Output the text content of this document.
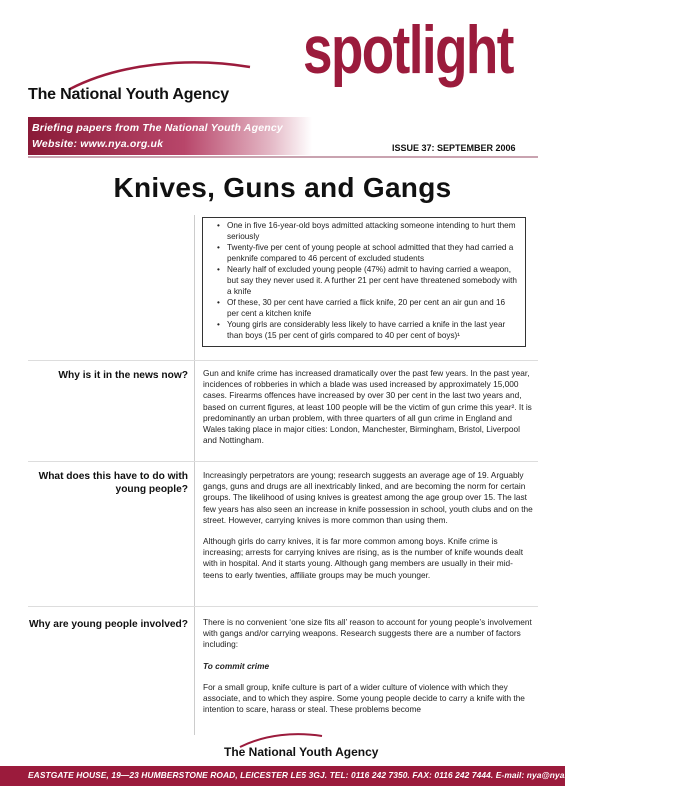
The National Youth Agency
spotlight
Briefing papers from The National Youth Agency
Website: www.nya.org.uk	ISSUE 37: SEPTEMBER 2006
Knives, Guns and Gangs
• One in five 16-year-old boys admitted attacking someone intending to hurt them seriously
• Twenty-five per cent of young people at school admitted that they had carried a penknife compared to 46 percent of excluded students
• Nearly half of excluded young people (47%) admit to having carried a weapon, but say they never used it. A further 21 per cent have threatened somebody with a knife
• Of these, 30 per cent have carried a flick knife, 20 per cent an air gun and 16 per cent a kitchen knife
• Young girls are considerably less likely to have carried a knife in the last year than boys (15 per cent of girls compared to 40 per cent of boys)¹
Why is it in the news now? Gun and knife crime has increased dramatically over the past few years. In the past year, incidences of robberies in which a blade was used increased by approximately 15,000 cases. Firearms offences have increased by over 30 per cent in the last two years and, based on current figures, at least 100 people will be the victim of gun crime this year². It is predominantly an urban problem, with three quarters of all gun crime in England and Wales taking place in major cities: London, Manchester, Birmingham, Bristol, Liverpool and Nottingham.

What does this have to do with young people?

Increasingly perpetrators are young; research suggests an average age of 19. Arguably gangs, guns and drugs are all inextricably linked, and are becoming the norm for certain groups. The likelihood of using knives is greatest among the age group over 15. The last few years has also seen an increase in knife possession in school, youth clubs and on the street. However, carrying knives is more common than using them.

Although girls do carry knives, it is far more common among boys. Knife crime is increasing; arrests for carrying knives are rising, as is the number of knife wounds dealt with in hospital. And it starts young. Although gang members are usually in their mid-teens to early twenties, affiliate groups may be much younger.

Why are young people involved? There is no convenient ‘one size fits all’ reason to account for young people’s involvement with gangs and/or carrying weapons. Research suggests there are a number of factors including:

To commit crime

For a small group, knife culture is part of a wider culture of violence with which they associate, and to which they aspire. Some young people decide to carry a knife with the intention to scare, harass or steal. These problems become

The National Youth Agency
EASTGATE HOUSE, 19—23 HUMBERSTONE ROAD, LEICESTER LE5 3GJ. TEL: 0116 242 7350. FAX: 0116 242 7444. E-mail: nya@nya.org.uk website: www.nya.org.uk
